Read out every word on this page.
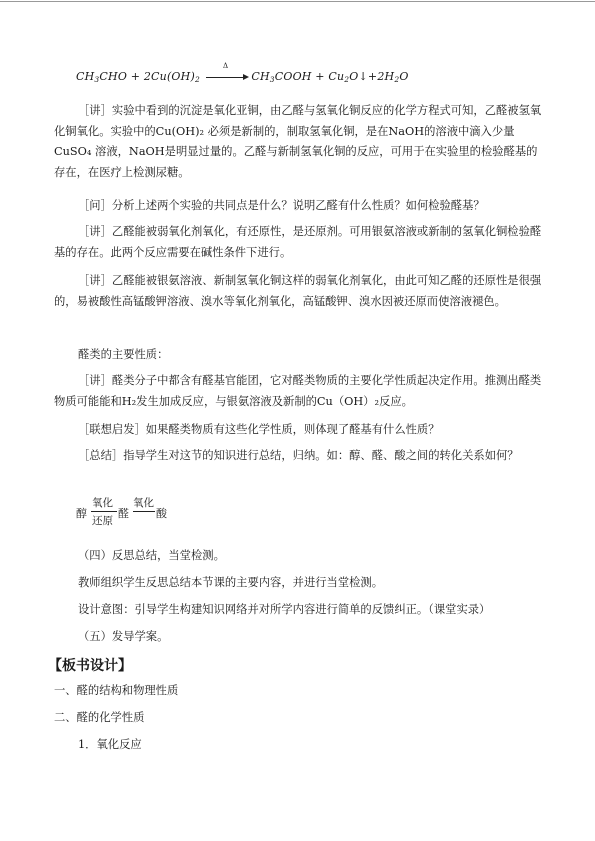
$CH_3CHO + 2Cu(OH)_2$
Δ
$CH_3COOH$ + $Cu_2O↓+2H_2O$

［讲］实验中看到的沉淀是氧化亚铜，由乙醛与氢氧化铜反应的化学方程式可知，乙醛被氢氧化铜氧化。实验中的Cu(OH)₂ 必须是新制的，制取氢氧化铜，是在NaOH的溶液中滴入少量CuSO₄ 溶液，NaOH是明显过量的。乙醛与新制氢氧化铜的反应，可用于在实验里的检验醛基的存在，在医疗上检测尿糖。

［问］分析上述两个实验的共同点是什么？说明乙醛有什么性质？如何检验醛基？

［讲］乙醛能被弱氧化剂氧化，有还原性，是还原剂。可用银氨溶液或新制的氢氧化铜检验醛基的存在。此两个反应需要在碱性条件下进行。

［讲］乙醛能被银氨溶液、新制氢氧化铜这样的弱氧化剂氧化，由此可知乙醛的还原性是很强的，易被酸性高锰酸钾溶液、溴水等氧化剂氧化，高锰酸钾、溴水因被还原而使溶液褪色。

醛类的主要性质：

［讲］醛类分子中都含有醛基官能团，它对醛类物质的主要化学性质起决定作用。推测出醛类物质可能能和H₂发生加成反应，与银氨溶液及新制的Cu（OH）₂反应。

［联想启发］如果醛类物质有这些化学性质，则体现了醛基有什么性质？

［总结］指导学生对这节的知识进行总结，归纳。如：醇、醛、酸之间的转化关系如何？

醇
氧化
还原
醛
氧化
酸
（四）反思总结，当堂检测。
教师组织学生反思总结本节课的主要内容，并进行当堂检测。
设计意图：引导学生构建知识网络并对所学内容进行简单的反馈纠正。（课堂实录）
（五）发导学案。
【板书设计】
一、醛的结构和物理性质
二、醛的化学性质
1．氧化反应
